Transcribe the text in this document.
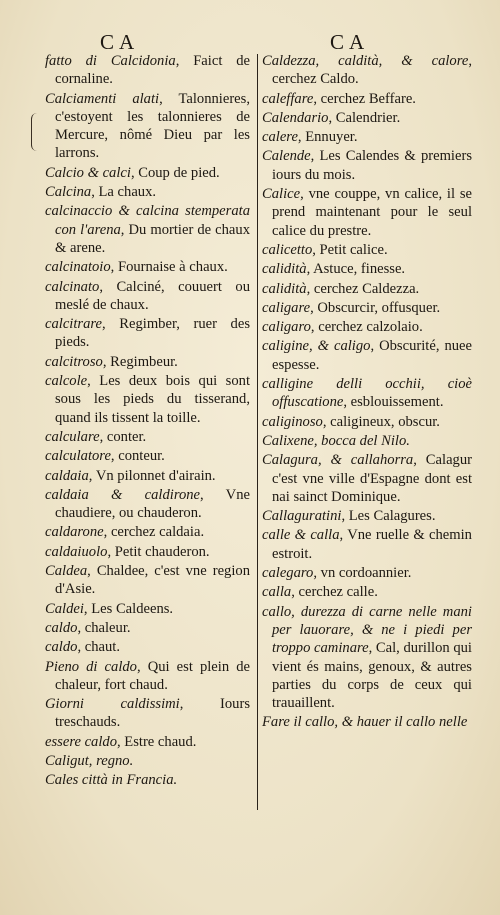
CA	CA
fatto di Calcidonia, Faict de cornaline.
Calciamenti alati, Talonnieres, c'estoyent les talonnieres de Mercure, nômé Dieu par les larrons.
Calcio & calci, Coup de pied.
Calcina, La chaux.
calcinaccio & calcina stemperata con l'arena, Du mortier de chaux & arene.
calcinatoio, Fournaise à chaux.
calcinato, Calciné, couuert ou meslé de chaux.
calcitrare, Regimber, ruer des pieds.
calcitroso, Regimbeur.
calcole, Les deux bois qui sont sous les pieds du tisserand, quand ils tissent la toille.
calculare, conter.
calculatore, conteur.
caldaia, Vn pilonnet d'airain.
caldaia & caldirone, Vne chaudiere, ou chauderon.
caldarone, cerchez caldaia.
caldaiuolo, Petit chauderon.
Caldea, Chaldee, c'est vne region d'Asie.
Caldei, Les Caldeens.
caldo, chaleur.
caldo, chaut.
Pieno di caldo, Qui est plein de chaleur, fort chaud.
Giorni caldissimi, Iours treschauds.
essere caldo, Estre chaud.
Caligut, regno.
Cales città in Francia.
Caldezza, caldità, & calore, cerchez Caldo.
caleffare, cerchez Beffare.
Calendario, Calendrier.
calere, Ennuyer.
Calende, Les Calendes & premiers iours du mois.
Calice, vne couppe, vn calice, il se prend maintenant pour le seul calice du prestre.
calicetto, Petit calice.
calidità, Astuce, finesse.
calidità, cerchez Caldezza.
caligare, Obscurcir, offusquer.
caligaro, cerchez calzolaio.
caligine, & caligo, Obscurité, nuee espesse.
calligine delli occhii, cioè offuscatione, esblouissement.
caliginoso, caligineux, obscur.
Calixene, bocca del Nilo.
Calagura, & callahorra, Calagur c'est vne ville d'Espagne dont est nai sainct Dominique.
Callaguratini, Les Calagures.
calle & calla, Vne ruelle & chemin estroit.
calegaro, vn cordoannier.
calla, cerchez calle.
callo, durezza di carne nelle mani per lauorare, & ne i piedi per troppo caminare, Cal, durillon qui vient és mains, genoux, & autres parties du corps de ceux qui trauaillent.
Fare il callo, & hauer il callo nelle
